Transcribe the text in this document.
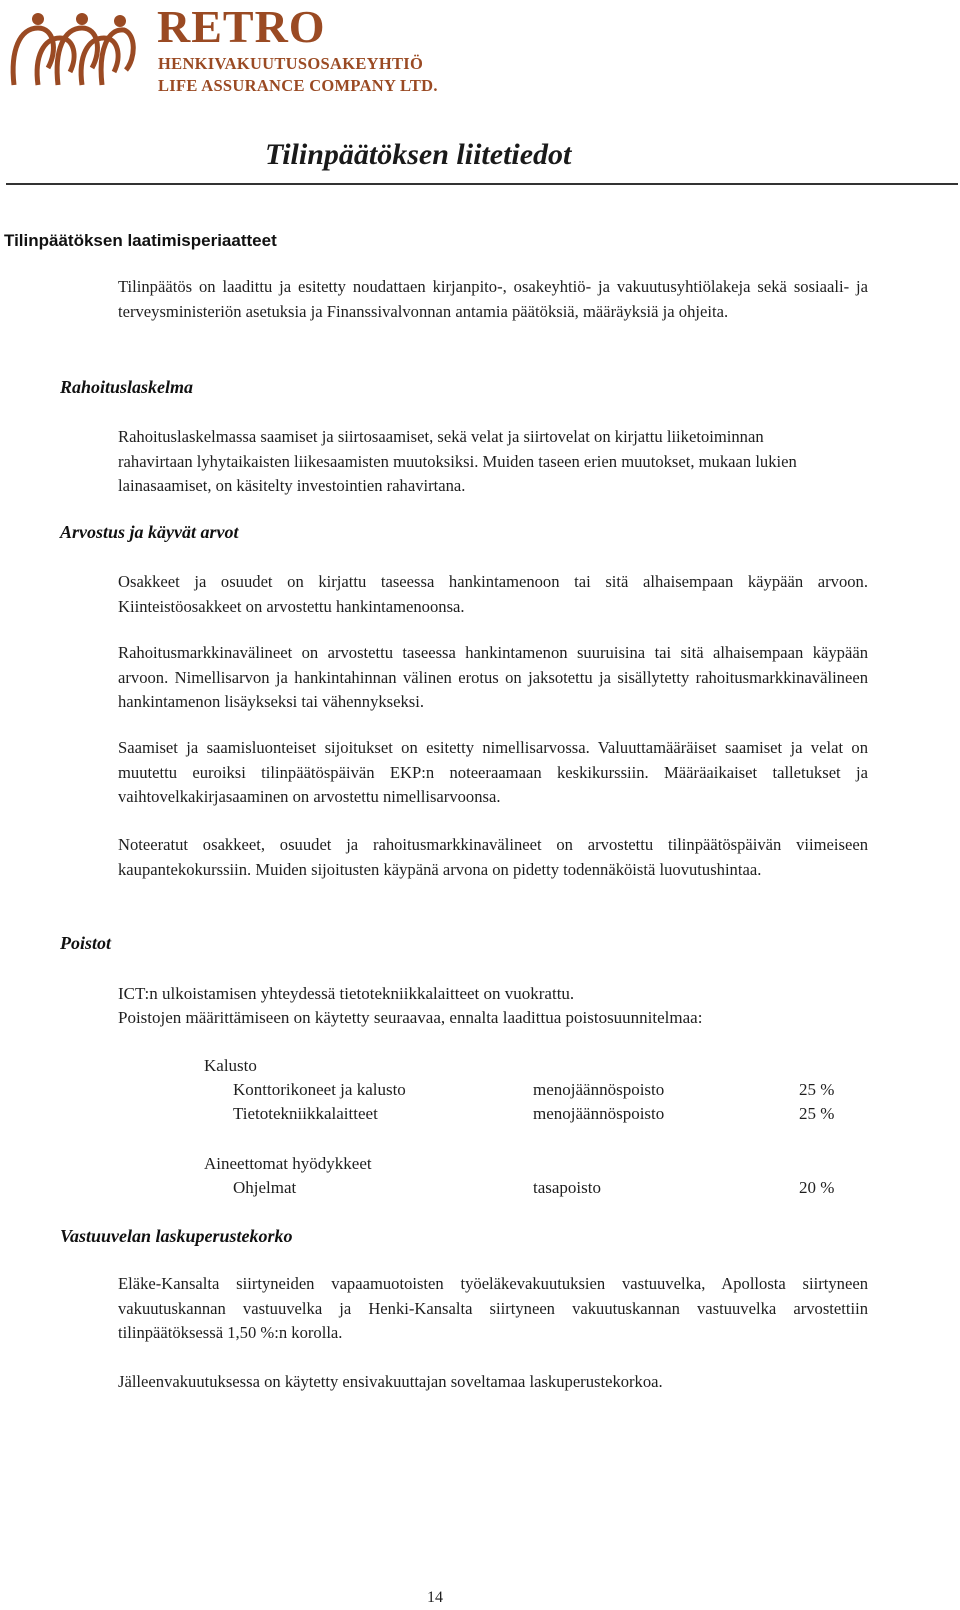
RETRO
HENKIVAKUUTUSOSAKEYHTIÖ
LIFE ASSURANCE COMPANY LTD.
Tilinpäätöksen liitetiedot
Tilinpäätöksen laatimisperiaatteet

Tilinpäätös on laadittu ja esitetty noudattaen kirjanpito-, osakeyhtiö- ja vakuutusyhtiölakeja sekä sosiaali- ja terveysministeriön asetuksia ja Finanssivalvonnan antamia päätöksiä, määräyksiä ja ohjeita.

Rahoituslaskelma

Rahoituslaskelmassa saamiset ja siirtosaamiset, sekä velat ja siirtovelat on kirjattu liiketoiminnan rahavirtaan lyhytaikaisten liikesaamisten muutoksiksi. Muiden taseen erien muutokset, mukaan lukien lainasaamiset, on käsitelty investointien rahavirtana.

Arvostus ja käyvät arvot

Osakkeet ja osuudet on kirjattu taseessa hankintamenoon tai sitä alhaisempaan käypään arvoon. Kiinteistöosakkeet on arvostettu hankintamenoonsa.

Rahoitusmarkkinavälineet on arvostettu taseessa hankintamenon suuruisina tai sitä alhaisempaan käypään arvoon. Nimellisarvon ja hankintahinnan välinen erotus on jaksotettu ja sisällytetty rahoitusmarkkinavälineen hankintamenon lisäykseksi tai vähennykseksi.

Saamiset ja saamisluonteiset sijoitukset on esitetty nimellisarvossa. Valuuttamääräiset saamiset ja velat on muutettu euroiksi tilinpäätöspäivän EKP:n noteeraamaan keskikurssiin. Määräaikaiset talletukset ja vaihtovelkakirjasaaminen on arvostettu nimellisarvoonsa.

Noteeratut osakkeet, osuudet ja rahoitusmarkkinavälineet on arvostettu tilinpäätöspäivän viimeiseen kaupantekokurssiin. Muiden sijoitusten käypänä arvona on pidetty todennäköistä luovutushintaa.

Poistot
ICT:n ulkoistamisen yhteydessä tietotekniikkalaitteet on vuokrattu.
Poistojen määrittämiseen on käytetty seuraavaa, ennalta laadittua poistosuunnitelmaa:
Kalusto
Konttorikoneet ja kalusto	menojäännöspoisto	25 %
Tietotekniikkalaitteet	menojäännöspoisto	25 %
Aineettomat hyödykkeet
Ohjelmat	tasapoisto	20 %
Vastuuvelan laskuperustekorko

Eläke-Kansalta siirtyneiden vapaamuotoisten työeläkevakuutuksien vastuuvelka, Apollosta siirtyneen vakuutuskannan vastuuvelka ja Henki-Kansalta siirtyneen vakuutuskannan vastuuvelka arvostettiin tilinpäätöksessä 1,50 %:n korolla.

Jälleenvakuutuksessa on käytetty ensivakuuttajan soveltamaa laskuperustekorkoa.

14
